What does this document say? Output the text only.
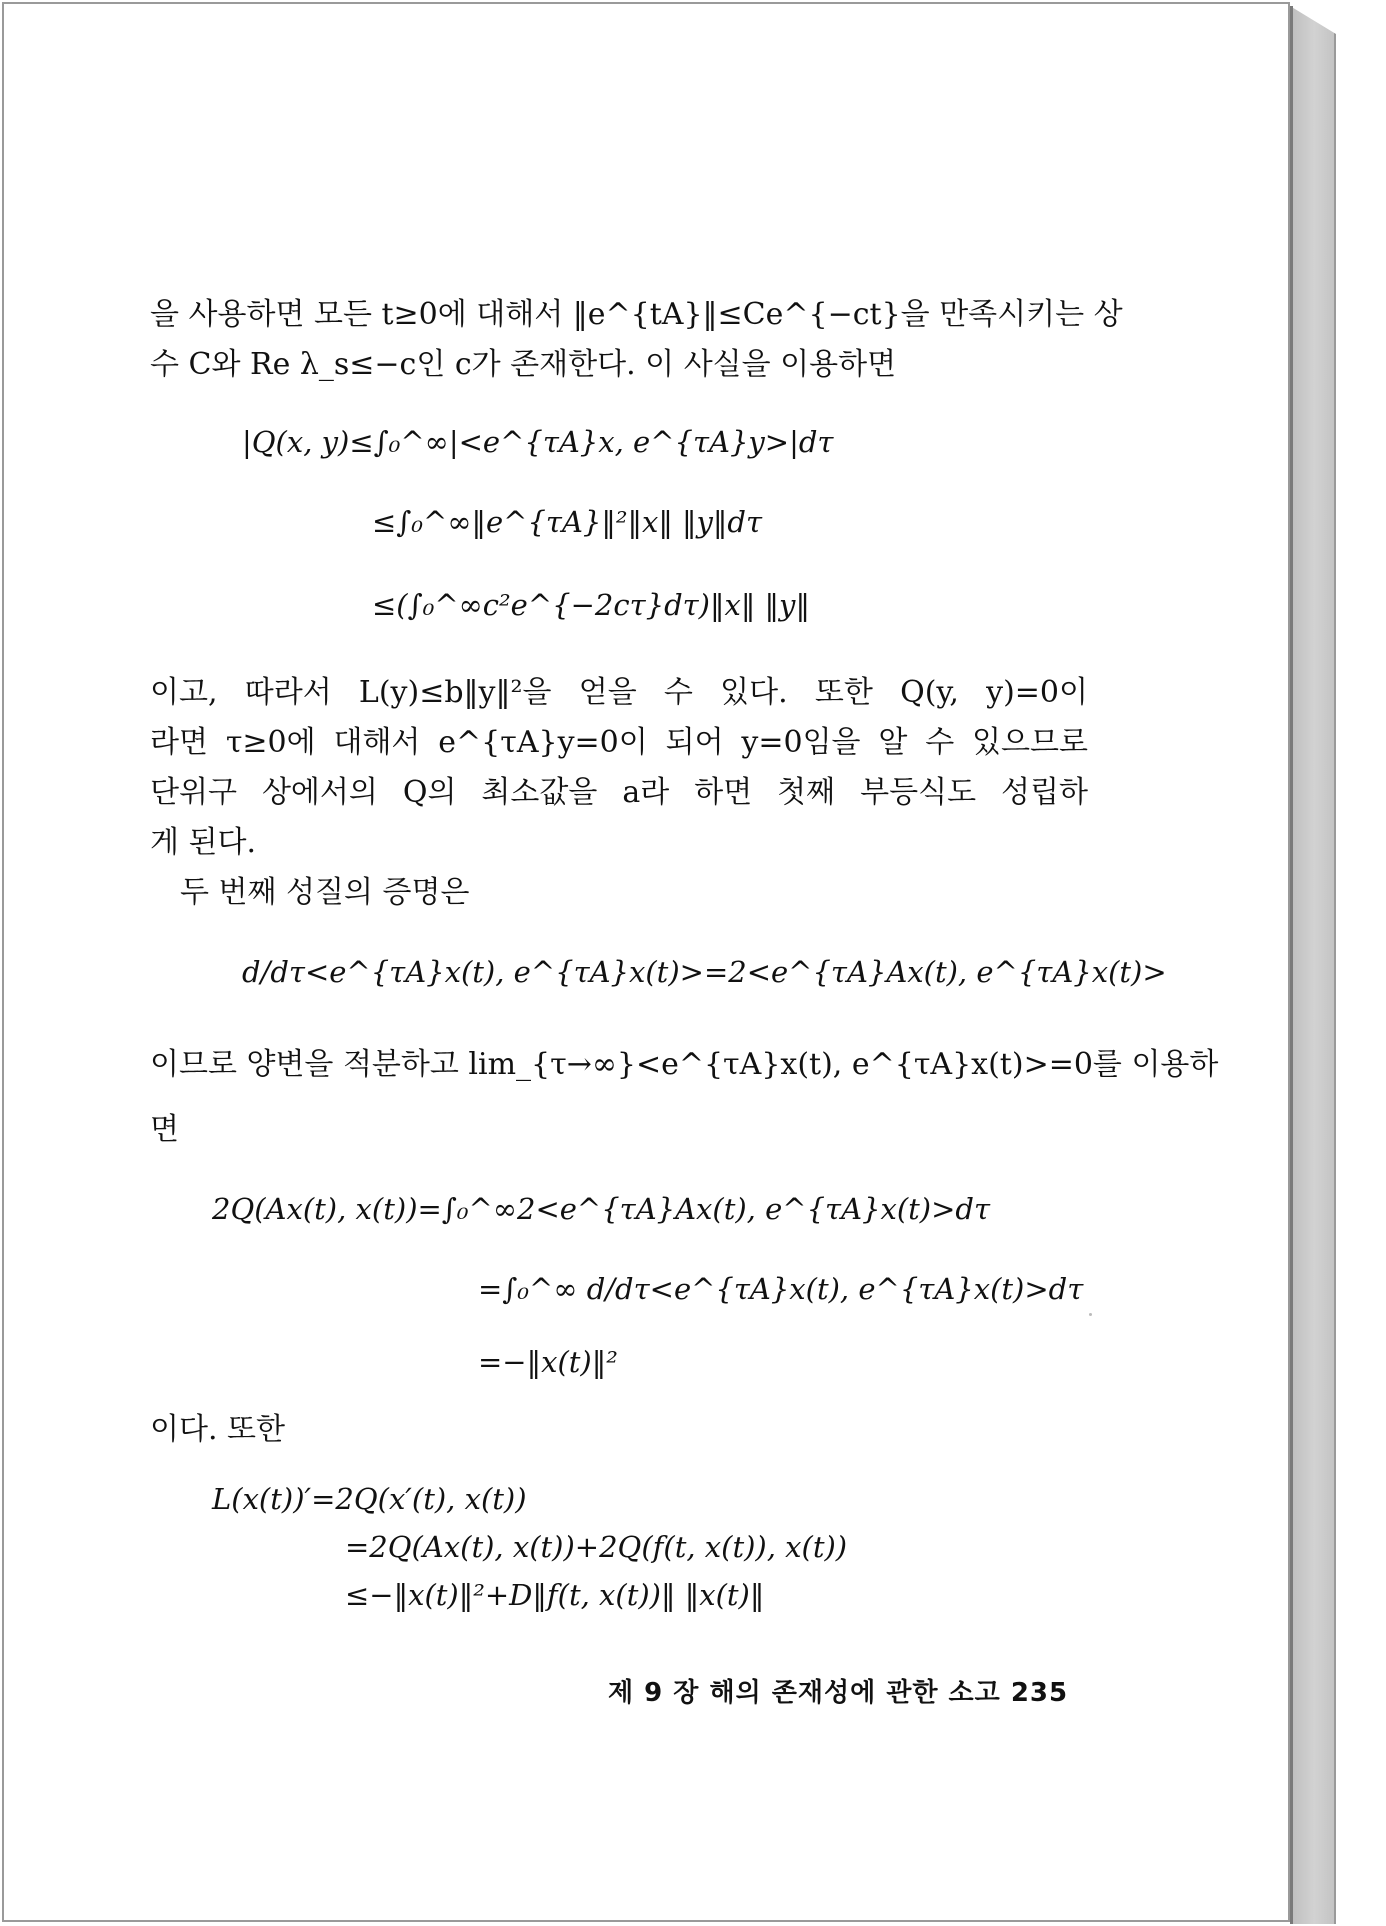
을 사용하면 모든 t≥0에 대해서 ‖e^{tA}‖≤Ce^{−ct}을 만족시키는 상
수 C와 Re λ_s≤−c인 c가 존재한다. 이 사실을 이용하면
|Q(x, y)≤∫₀^∞|<e^{τA}x, e^{τA}y>|dτ
≤∫₀^∞‖e^{τA}‖²‖x‖ ‖y‖dτ
≤(∫₀^∞c²e^{−2cτ}dτ)‖x‖ ‖y‖
이고, 따라서 L(y)≤b‖y‖²을 얻을 수 있다. 또한 Q(y, y)=0이
라면 τ≥0에 대해서 e^{τA}y=0이 되어 y=0임을 알 수 있으므로
단위구 상에서의 Q의 최소값을 a라 하면 첫째 부등식도 성립하
게 된다.
두 번째 성질의 증명은
d/dτ<e^{τA}x(t), e^{τA}x(t)>=2<e^{τA}Ax(t), e^{τA}x(t)>
이므로 양변을 적분하고 lim_{τ→∞}<e^{τA}x(t), e^{τA}x(t)>=0를 이용하
면
2Q(Ax(t), x(t))=∫₀^∞2<e^{τA}Ax(t), e^{τA}x(t)>dτ
=∫₀^∞ d/dτ<e^{τA}x(t), e^{τA}x(t)>dτ
=−‖x(t)‖²
이다. 또한
L(x(t))′=2Q(x′(t), x(t))
=2Q(Ax(t), x(t))+2Q(f(t, x(t)), x(t))
≤−‖x(t)‖²+D‖f(t, x(t))‖ ‖x(t)‖
제 9 장 해의 존재성에 관한 소고 235
